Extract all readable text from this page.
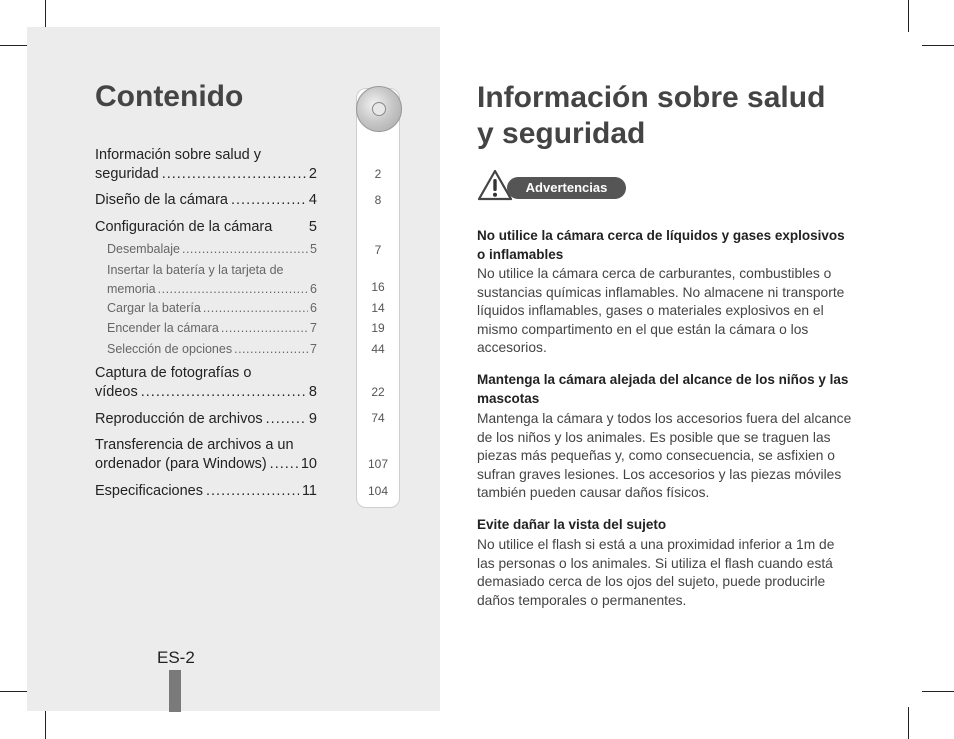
Contenido
Información sobre salud y
seguridad .....	2
Diseño de la cámara .....	4
Configuración de la cámara	5
Desembalaje .....	5
Insertar la batería y la tarjeta de
memoria .....	6
Cargar la batería .....	6
Encender la cámara .....	7
Selección de opciones .....	7
Captura de fotografías o
vídeos .....	8
Reproducción de archivos .....	9
Transferencia de archivos a un
ordenador (para Windows) ..... 10
Especificaciones .....	11
2
8
7
16
14
19
44
22
74
107
104
ES-2
Información sobre salud
y seguridad
Advertencias
No utilice la cámara cerca de líquidos y gases explosivos o inflamables

No utilice la cámara cerca de carburantes, combustibles o sustancias químicas inflamables. No almacene ni transporte líquidos inflamables, gases o materiales explosivos en el mismo compartimento en el que están la cámara o los accesorios.

Mantenga la cámara alejada del alcance de los niños y las mascotas

Mantenga la cámara y todos los accesorios fuera del alcance de los niños y los animales. Es posible que se traguen las piezas más pequeñas y, como consecuencia, se asfixien o sufran graves lesiones. Los accesorios y las piezas móviles también pueden causar daños físicos.

Evite dañar la vista del sujeto

No utilice el flash si está a una proximidad inferior a 1m de las personas o los animales. Si utiliza el flash cuando está demasiado cerca de los ojos del sujeto, puede producirle daños temporales o permanentes.
